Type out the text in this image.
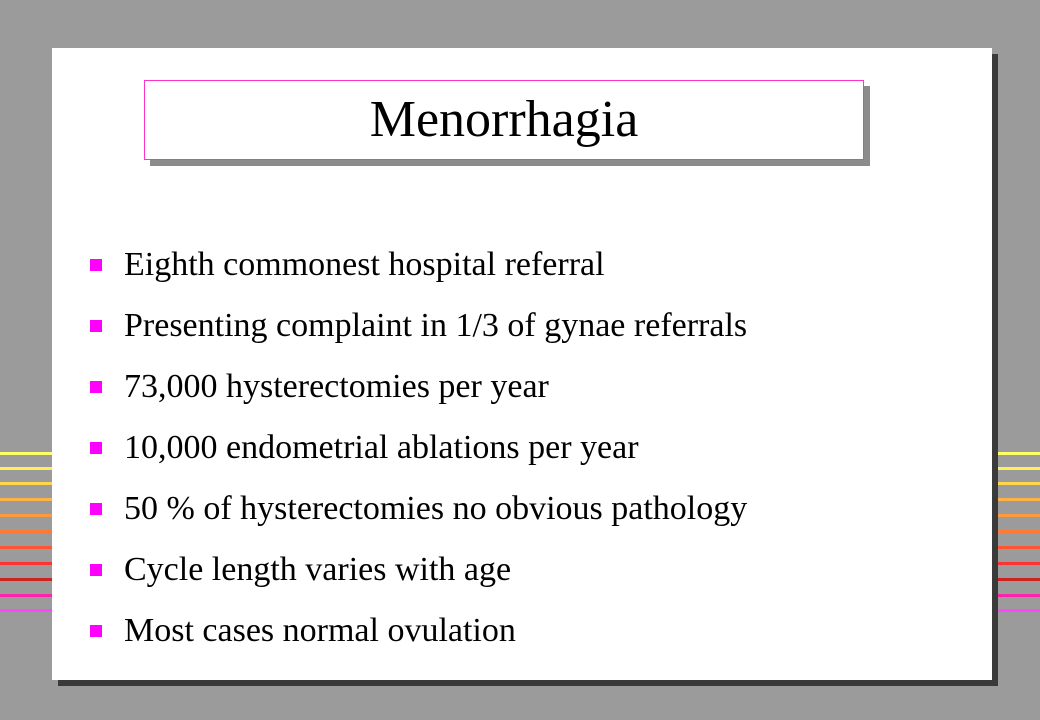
Menorrhagia
Eighth commonest hospital referral
Presenting complaint in 1/3 of gynae referrals
73,000 hysterectomies per year
10,000 endometrial ablations per year
50 % of hysterectomies no obvious pathology
Cycle length varies with age
Most cases normal ovulation
